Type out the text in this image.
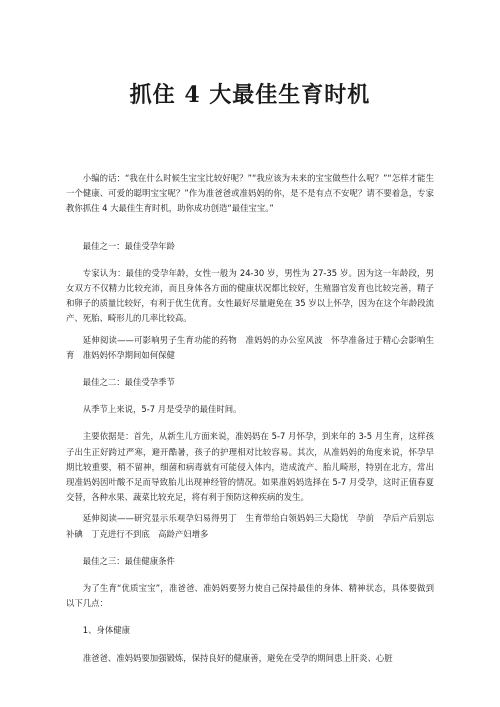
抓住 4 大最佳生育时机

小编的话：“我在什么时候生宝宝比较好呢？”“我应该为未来的宝宝做些什么呢？”“怎样才能生一个健康、可爱的聪明宝宝呢？”作为准爸爸或准妈妈的你，是不是有点不安呢？请不要着急，专家教你抓住 4 大最佳生育时机，助你成功创造“最佳宝宝。”

最佳之一：最佳受孕年龄

专家认为：最佳的受孕年龄，女性一般为 24-30 岁，男性为 27-35 岁。因为这一年龄段，男女双方不仅精力比较充沛，而且身体各方面的健康状况都比较好，生殖器官发育也比较完善，精子和卵子的质量比较好，有利于优生优育。女性最好尽量避免在 35 岁以上怀孕，因为在这个年龄段流产、死胎、畸形儿的几率比较高。

延伸阅读——可影响男子生育功能的药物　准妈妈的办公室风波　怀孕准备过于精心会影响生育　准妈妈怀孕期间如何保健

最佳之二：最佳受孕季节

从季节上来说，5-7 月是受孕的最佳时间。

主要依据是：首先，从新生儿方面来说，准妈妈在 5-7 月怀孕，到来年的 3-5 月生育，这样孩子出生正好跨过严寒，避开酷暑，孩子的护理相对比较容易。其次，从准妈妈的角度来说，怀孕早期比较重要，稍不留神，细菌和病毒就有可能侵入体内，造成流产、胎儿畸形，特别在北方，常出现准妈妈因叶酸不足而导致胎儿出现神经管的情况。如果准妈妈选择在 5-7 月受孕，这时正值春夏交替，各种水果、蔬菜比较充足，将有利于预防这种疾病的发生。

延伸阅读——研究显示乐观孕妇易得男丁　生育带给白领妈妈三大隐忧　孕前　孕后产后别忘补碘　丁克进行不到底　高龄产妇增多

最佳之三：最佳健康条件

为了生育“优质宝宝”，准爸爸、准妈妈要努力使自己保持最佳的身体、精神状态，具体要做到以下几点：

1、身体健康

准爸爸、准妈妈要加强锻炼，保持良好的健康善，避免在受孕的期间患上肝炎、心脏
